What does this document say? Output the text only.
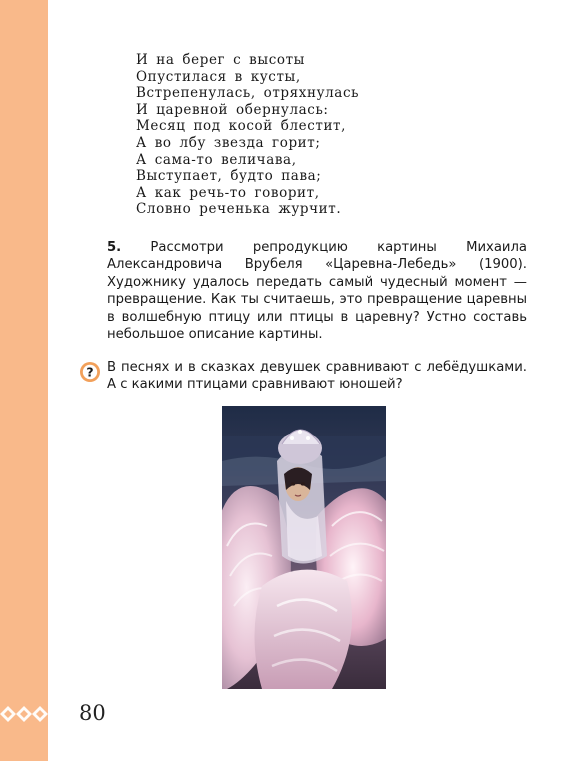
И на берег с высоты
Опустилася в кусты,
Встрепенулась, отряхнулась
И царевной обернулась:
Месяц под косой блестит,
А во лбу звезда горит;
А сама-то величава,
Выступает, будто пава;
А как речь-то говорит,
Словно реченька журчит.

5. Рассмотри репродукцию картины Михаила Александровича Врубеля «Царевна-Лебедь» (1900). Художнику удалось передать самый чудесный момент — превращение. Как ты считаешь, это превращение царевны в волшебную птицу или птицы в царевну? Устно составь небольшое описание картины.

? В песнях и в сказках девушек сравнивают с лебёдушками. А с какими птицами сравнивают юношей?

80
